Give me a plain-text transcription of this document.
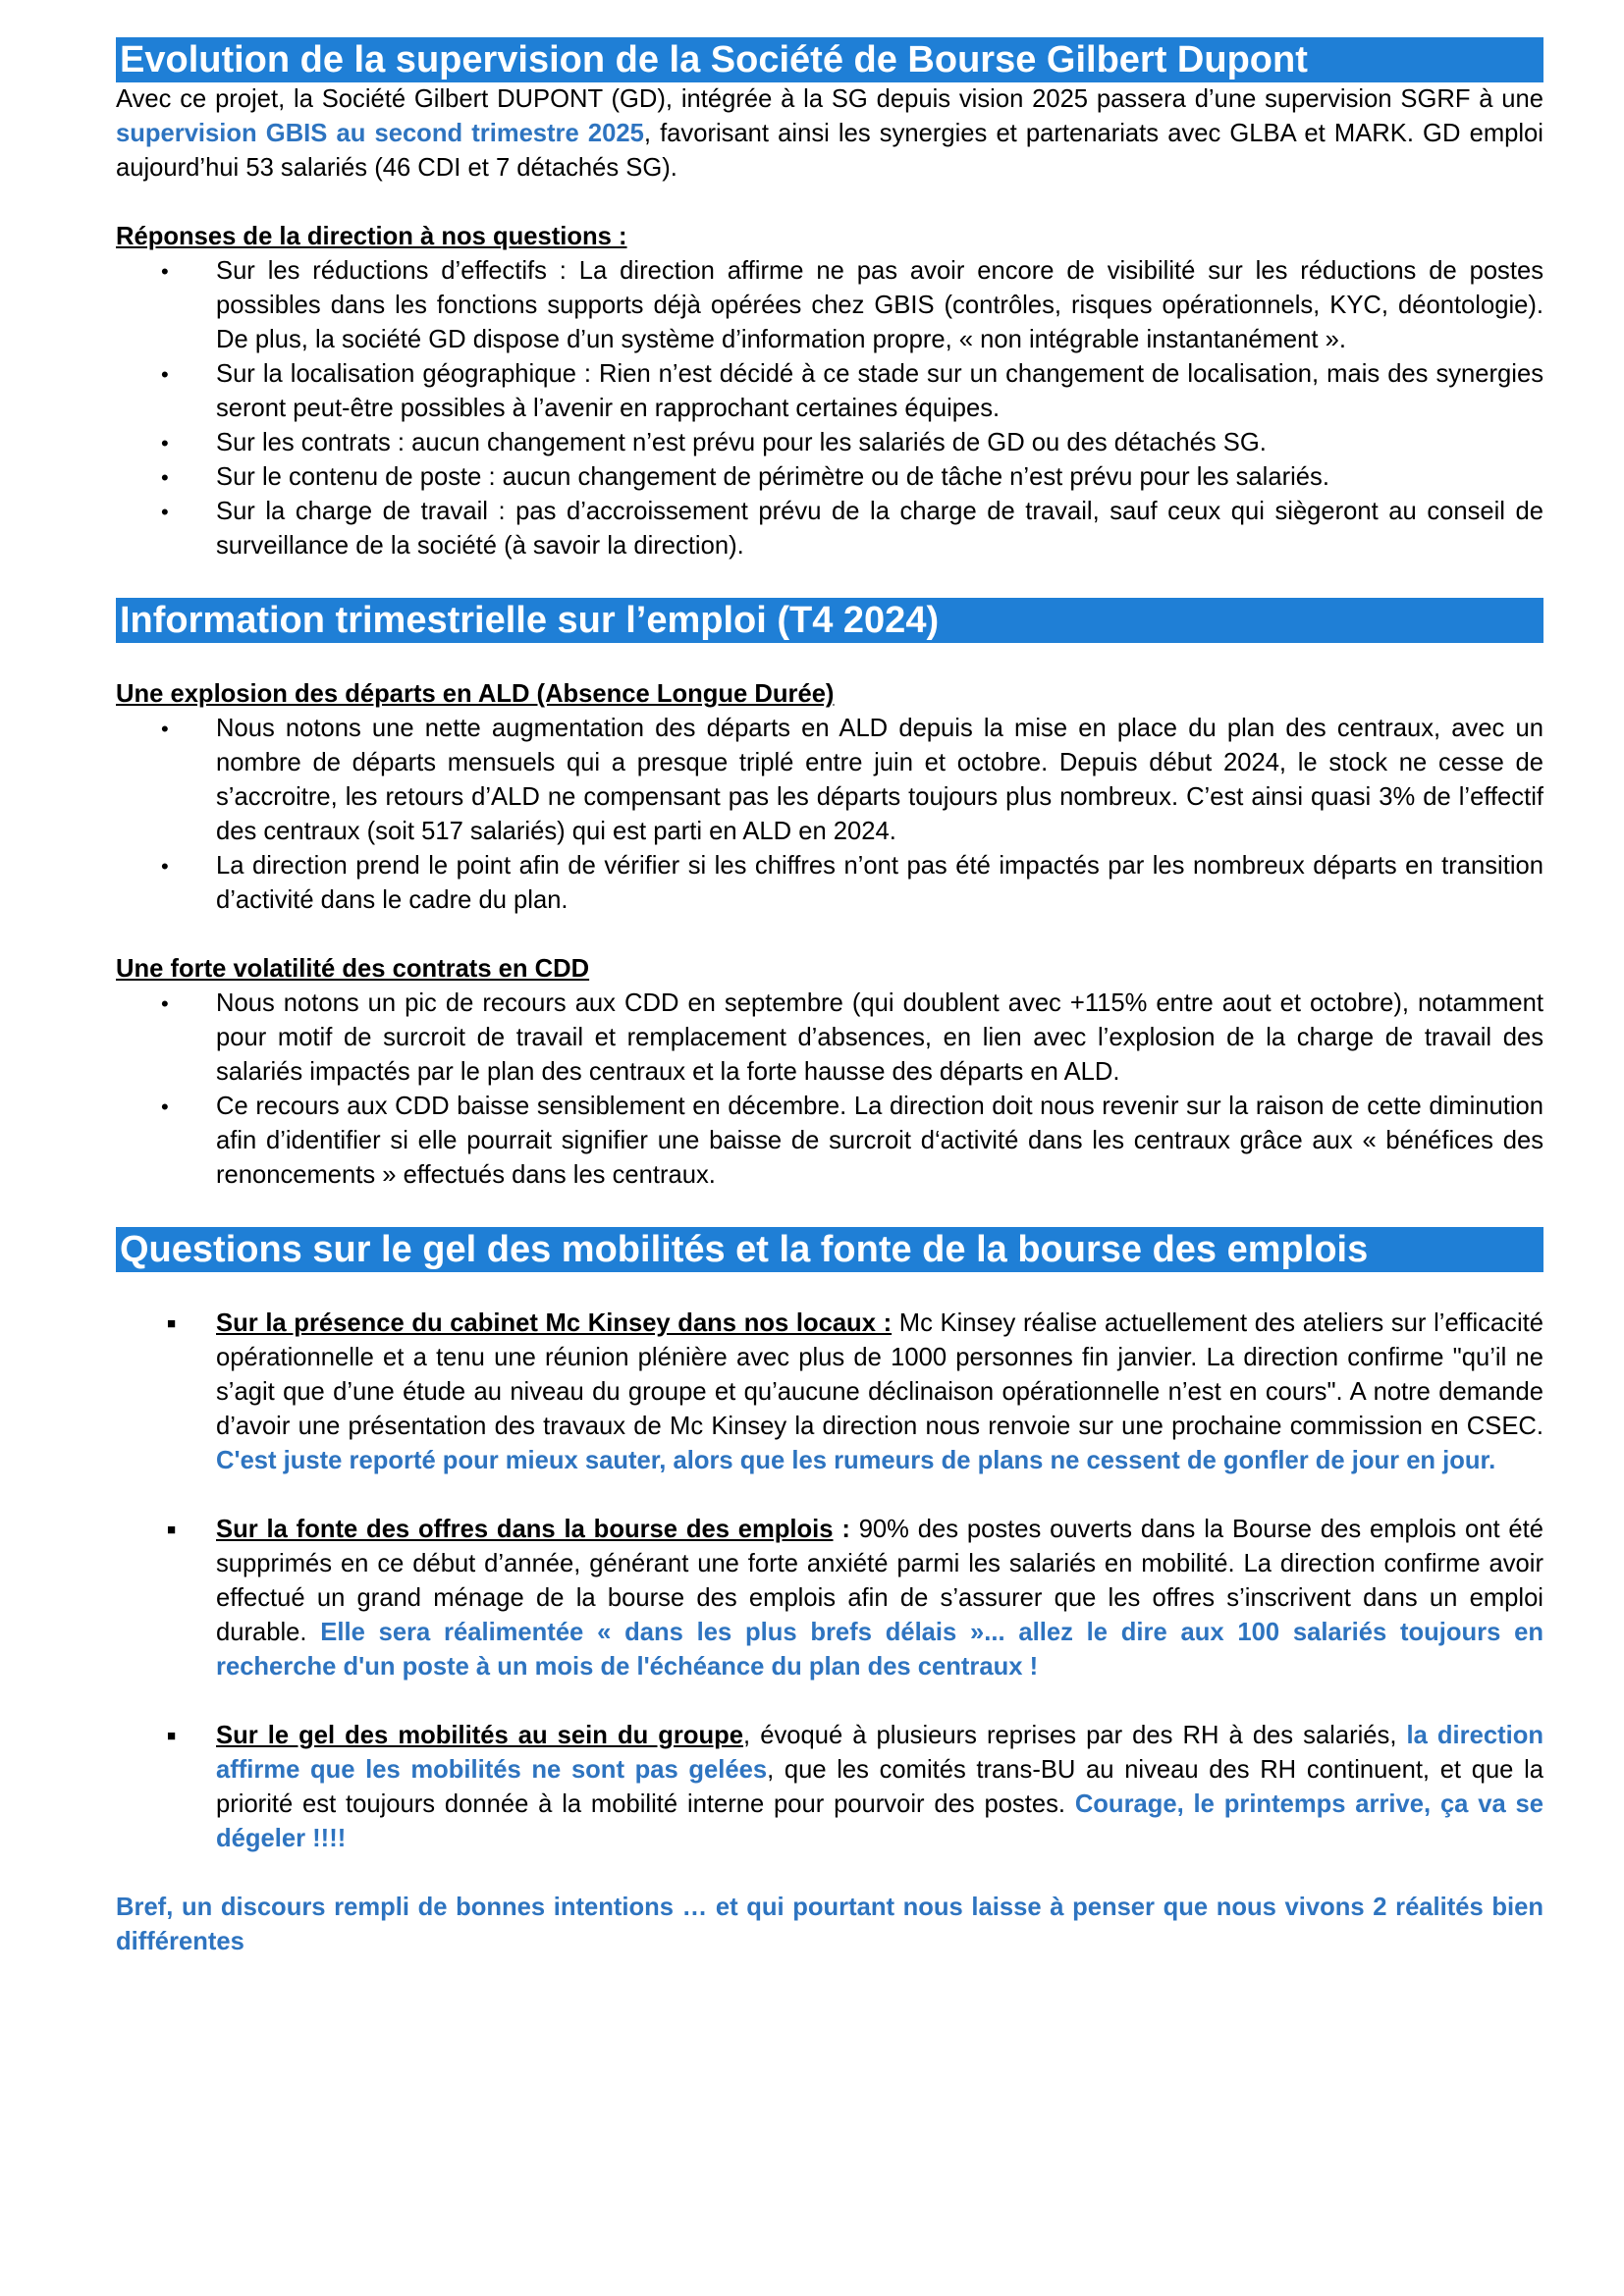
Evolution de la supervision de la Société de Bourse Gilbert Dupont

Avec ce projet, la Société Gilbert DUPONT (GD), intégrée à la SG depuis vision 2025 passera d’une supervision SGRF à une supervision GBIS au second trimestre 2025, favorisant ainsi les synergies et partenariats avec GLBA et MARK. GD emploi aujourd’hui 53 salariés (46 CDI et 7 détachés SG).

Réponses de la direction à nos questions :

• Sur les réductions d’effectifs : La direction affirme ne pas avoir encore de visibilité sur les réductions de postes possibles dans les fonctions supports déjà opérées chez GBIS (contrôles, risques opérationnels, KYC, déontologie). De plus, la société GD dispose d’un système d’information propre, « non intégrable instantanément ».
• Sur la localisation géographique : Rien n’est décidé à ce stade sur un changement de localisation, mais des synergies seront peut-être possibles à l’avenir en rapprochant certaines équipes.
• Sur les contrats : aucun changement n’est prévu pour les salariés de GD ou des détachés SG.
• Sur le contenu de poste : aucun changement de périmètre ou de tâche n’est prévu pour les salariés.
• Sur la charge de travail : pas d’accroissement prévu de la charge de travail, sauf ceux qui siègeront au conseil de surveillance de la société (à savoir la direction).
Information trimestrielle sur l’emploi (T4 2024)

Une explosion des départs en ALD (Absence Longue Durée)

• Nous notons une nette augmentation des départs en ALD depuis la mise en place du plan des centraux, avec un nombre de départs mensuels qui a presque triplé entre juin et octobre. Depuis début 2024, le stock ne cesse de s’accroitre, les retours d’ALD ne compensant pas les départs toujours plus nombreux. C’est ainsi quasi 3% de l’effectif des centraux (soit 517 salariés) qui est parti en ALD en 2024.
• La direction prend le point afin de vérifier si les chiffres n’ont pas été impactés par les nombreux départs en transition d’activité dans le cadre du plan.

Une forte volatilité des contrats en CDD

• Nous notons un pic de recours aux CDD en septembre (qui doublent avec +115% entre aout et octobre), notamment pour motif de surcroit de travail et remplacement d’absences, en lien avec l’explosion de la charge de travail des salariés impactés par le plan des centraux et la forte hausse des départs en ALD.
• Ce recours aux CDD baisse sensiblement en décembre. La direction doit nous revenir sur la raison de cette diminution afin d’identifier si elle pourrait signifier une baisse de surcroit d‘activité dans les centraux grâce aux « bénéfices des renoncements » effectués dans les centraux.
Questions sur le gel des mobilités et la fonte de la bourse des emplois
■ Sur la présence du cabinet Mc Kinsey dans nos locaux : Mc Kinsey réalise actuellement des ateliers sur l’efficacité opérationnelle et a tenu une réunion plénière avec plus de 1000 personnes fin janvier. La direction confirme "qu’il ne s’agit que d’une étude au niveau du groupe et qu’aucune déclinaison opérationnelle n’est en cours". A notre demande d’avoir une présentation des travaux de Mc Kinsey la direction nous renvoie sur une prochaine commission en CSEC. C'est juste reporté pour mieux sauter, alors que les rumeurs de plans ne cessent de gonfler de jour en jour.
■ Sur la fonte des offres dans la bourse des emplois : 90% des postes ouverts dans la Bourse des emplois ont été supprimés en ce début d’année, générant une forte anxiété parmi les salariés en mobilité. La direction confirme avoir effectué un grand ménage de la bourse des emplois afin de s’assurer que les offres s’inscrivent dans un emploi durable. Elle sera réalimentée « dans les plus brefs délais »... allez le dire aux 100 salariés toujours en recherche d'un poste à un mois de l'échéance du plan des centraux !
■ Sur le gel des mobilités au sein du groupe, évoqué à plusieurs reprises par des RH à des salariés, la direction affirme que les mobilités ne sont pas gelées, que les comités trans-BU au niveau des RH continuent, et que la priorité est toujours donnée à la mobilité interne pour pourvoir des postes. Courage, le printemps arrive, ça va se dégeler !!!!

Bref, un discours rempli de bonnes intentions … et qui pourtant nous laisse à penser que nous vivons 2 réalités bien différentes
